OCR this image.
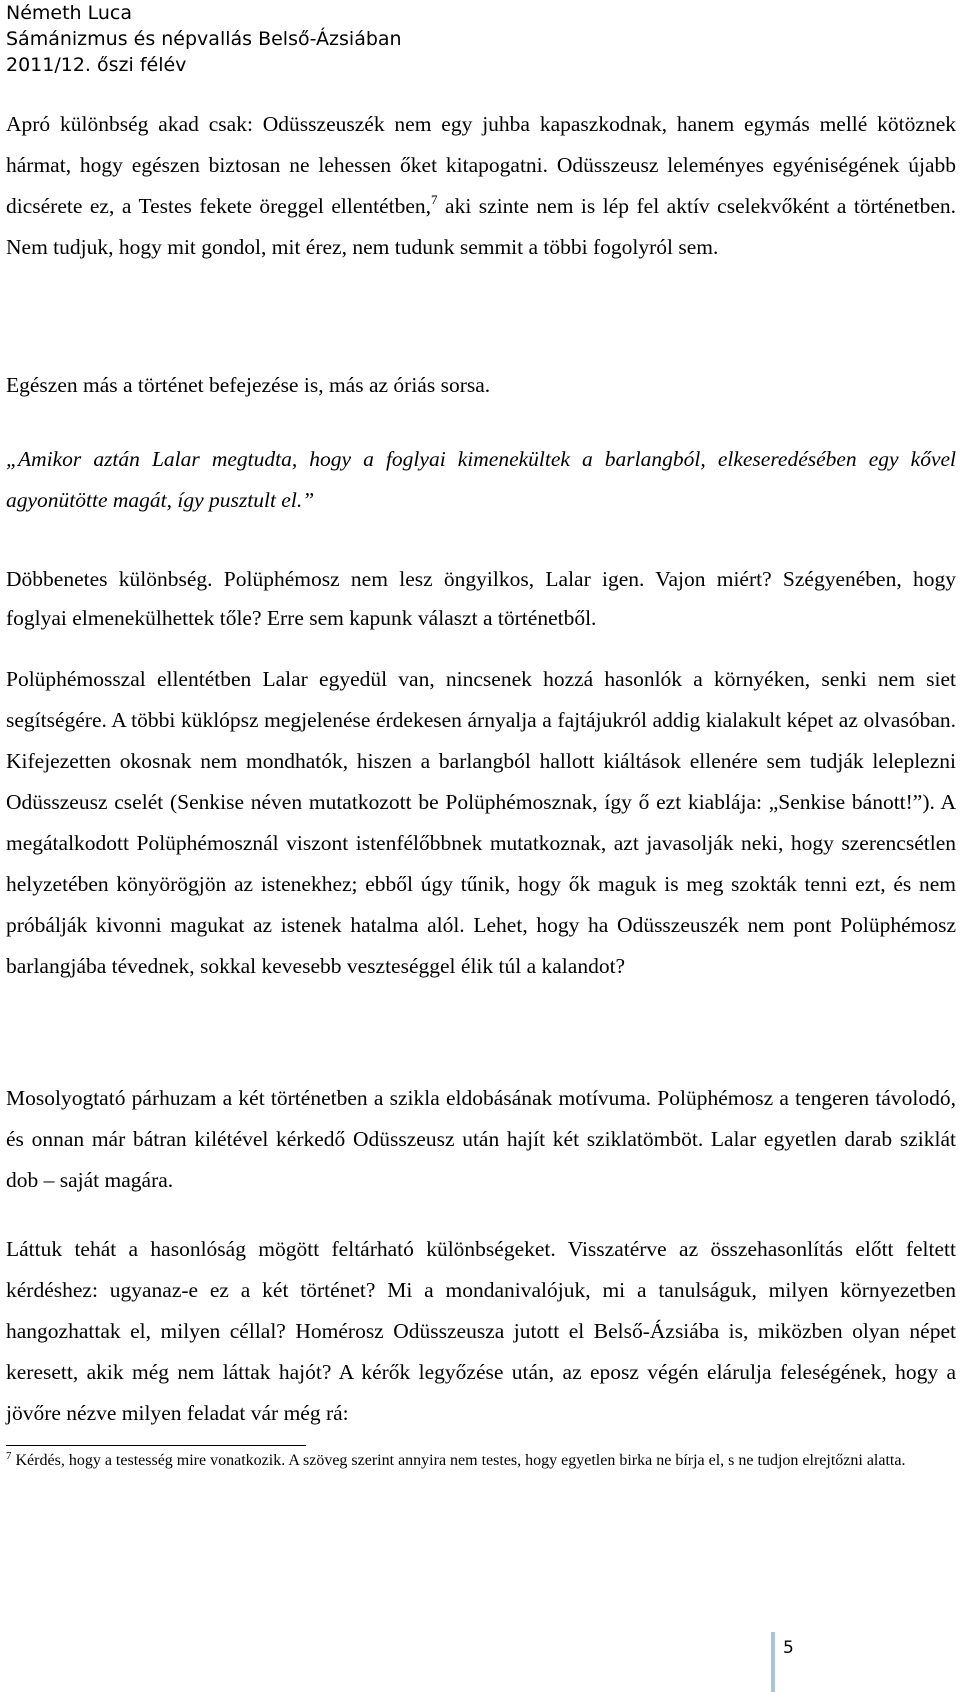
Németh Luca
Sámánizmus és népvallás Belső-Ázsiában
2011/12. őszi félév

Apró különbség akad csak: Odüsszeuszék nem egy juhba kapaszkodnak, hanem egymás mellé kötöznek hármat, hogy egészen biztosan ne lehessen őket kitapogatni. Odüsszeusz leleményes egyéniségének újabb dicsérete ez, a Testes fekete öreggel ellentétben,$^7$ aki szinte nem is lép fel aktív cselekvőként a történetben. Nem tudjuk, hogy mit gondol, mit érez, nem tudunk semmit a többi fogolyról sem.

Egészen más a történet befejezése is, más az óriás sorsa.

„Amikor aztán Lalar megtudta, hogy a foglyai kimenekültek a barlangból, elkeseredésében egy kővel agyonütötte magát, így pusztult el.”

Döbbenetes különbség. Polüphémosz nem lesz öngyilkos, Lalar igen. Vajon miért? Szégyenében, hogy foglyai elmenekülhettek tőle? Erre sem kapunk választ a történetből.

Polüphémosszal ellentétben Lalar egyedül van, nincsenek hozzá hasonlók a környéken, senki nem siet segítségére. A többi küklópsz megjelenése érdekesen árnyalja a fajtájukról addig kialakult képet az olvasóban. Kifejezetten okosnak nem mondhatók, hiszen a barlangból hallott kiáltások ellenére sem tudják leleplezni Odüsszeusz cselét (Senkise néven mutatkozott be Polüphémosznak, így ő ezt kiablája: „Senkise bánott!”). A megátalkodott Polüphémosznál viszont istenfélőbbnek mutatkoznak, azt javasolják neki, hogy szerencsétlen helyzetében könyörögjön az istenekhez; ebből úgy tűnik, hogy ők maguk is meg szokták tenni ezt, és nem próbálják kivonni magukat az istenek hatalma alól. Lehet, hogy ha Odüsszeuszék nem pont Polüphémosz barlangjába tévednek, sokkal kevesebb veszteséggel élik túl a kalandot?

Mosolyogtató párhuzam a két történetben a szikla eldobásának motívuma. Polüphémosz a tengeren távolodó, és onnan már bátran kilétével kérkedő Odüsszeusz után hajít két sziklatömböt. Lalar egyetlen darab sziklát dob – saját magára.

Láttuk tehát a hasonlóság mögött feltárható különbségeket. Visszatérve az összehasonlítás előtt feltett kérdéshez: ugyanaz-e ez a két történet? Mi a mondanivalójuk, mi a tanulságuk, milyen környezetben hangozhattak el, milyen céllal? Homérosz Odüsszeusza jutott el Belső-Ázsiába is, miközben olyan népet keresett, akik még nem láttak hajót? A kérők legyőzése után, az eposz végén elárulja feleségének, hogy a jövőre nézve milyen feladat vár még rá:

$^7$ Kérdés, hogy a testesség mire vonatkozik. A szöveg szerint annyira nem testes, hogy egyetlen birka ne bírja el, s ne tudjon elrejtőzni alatta.
5
